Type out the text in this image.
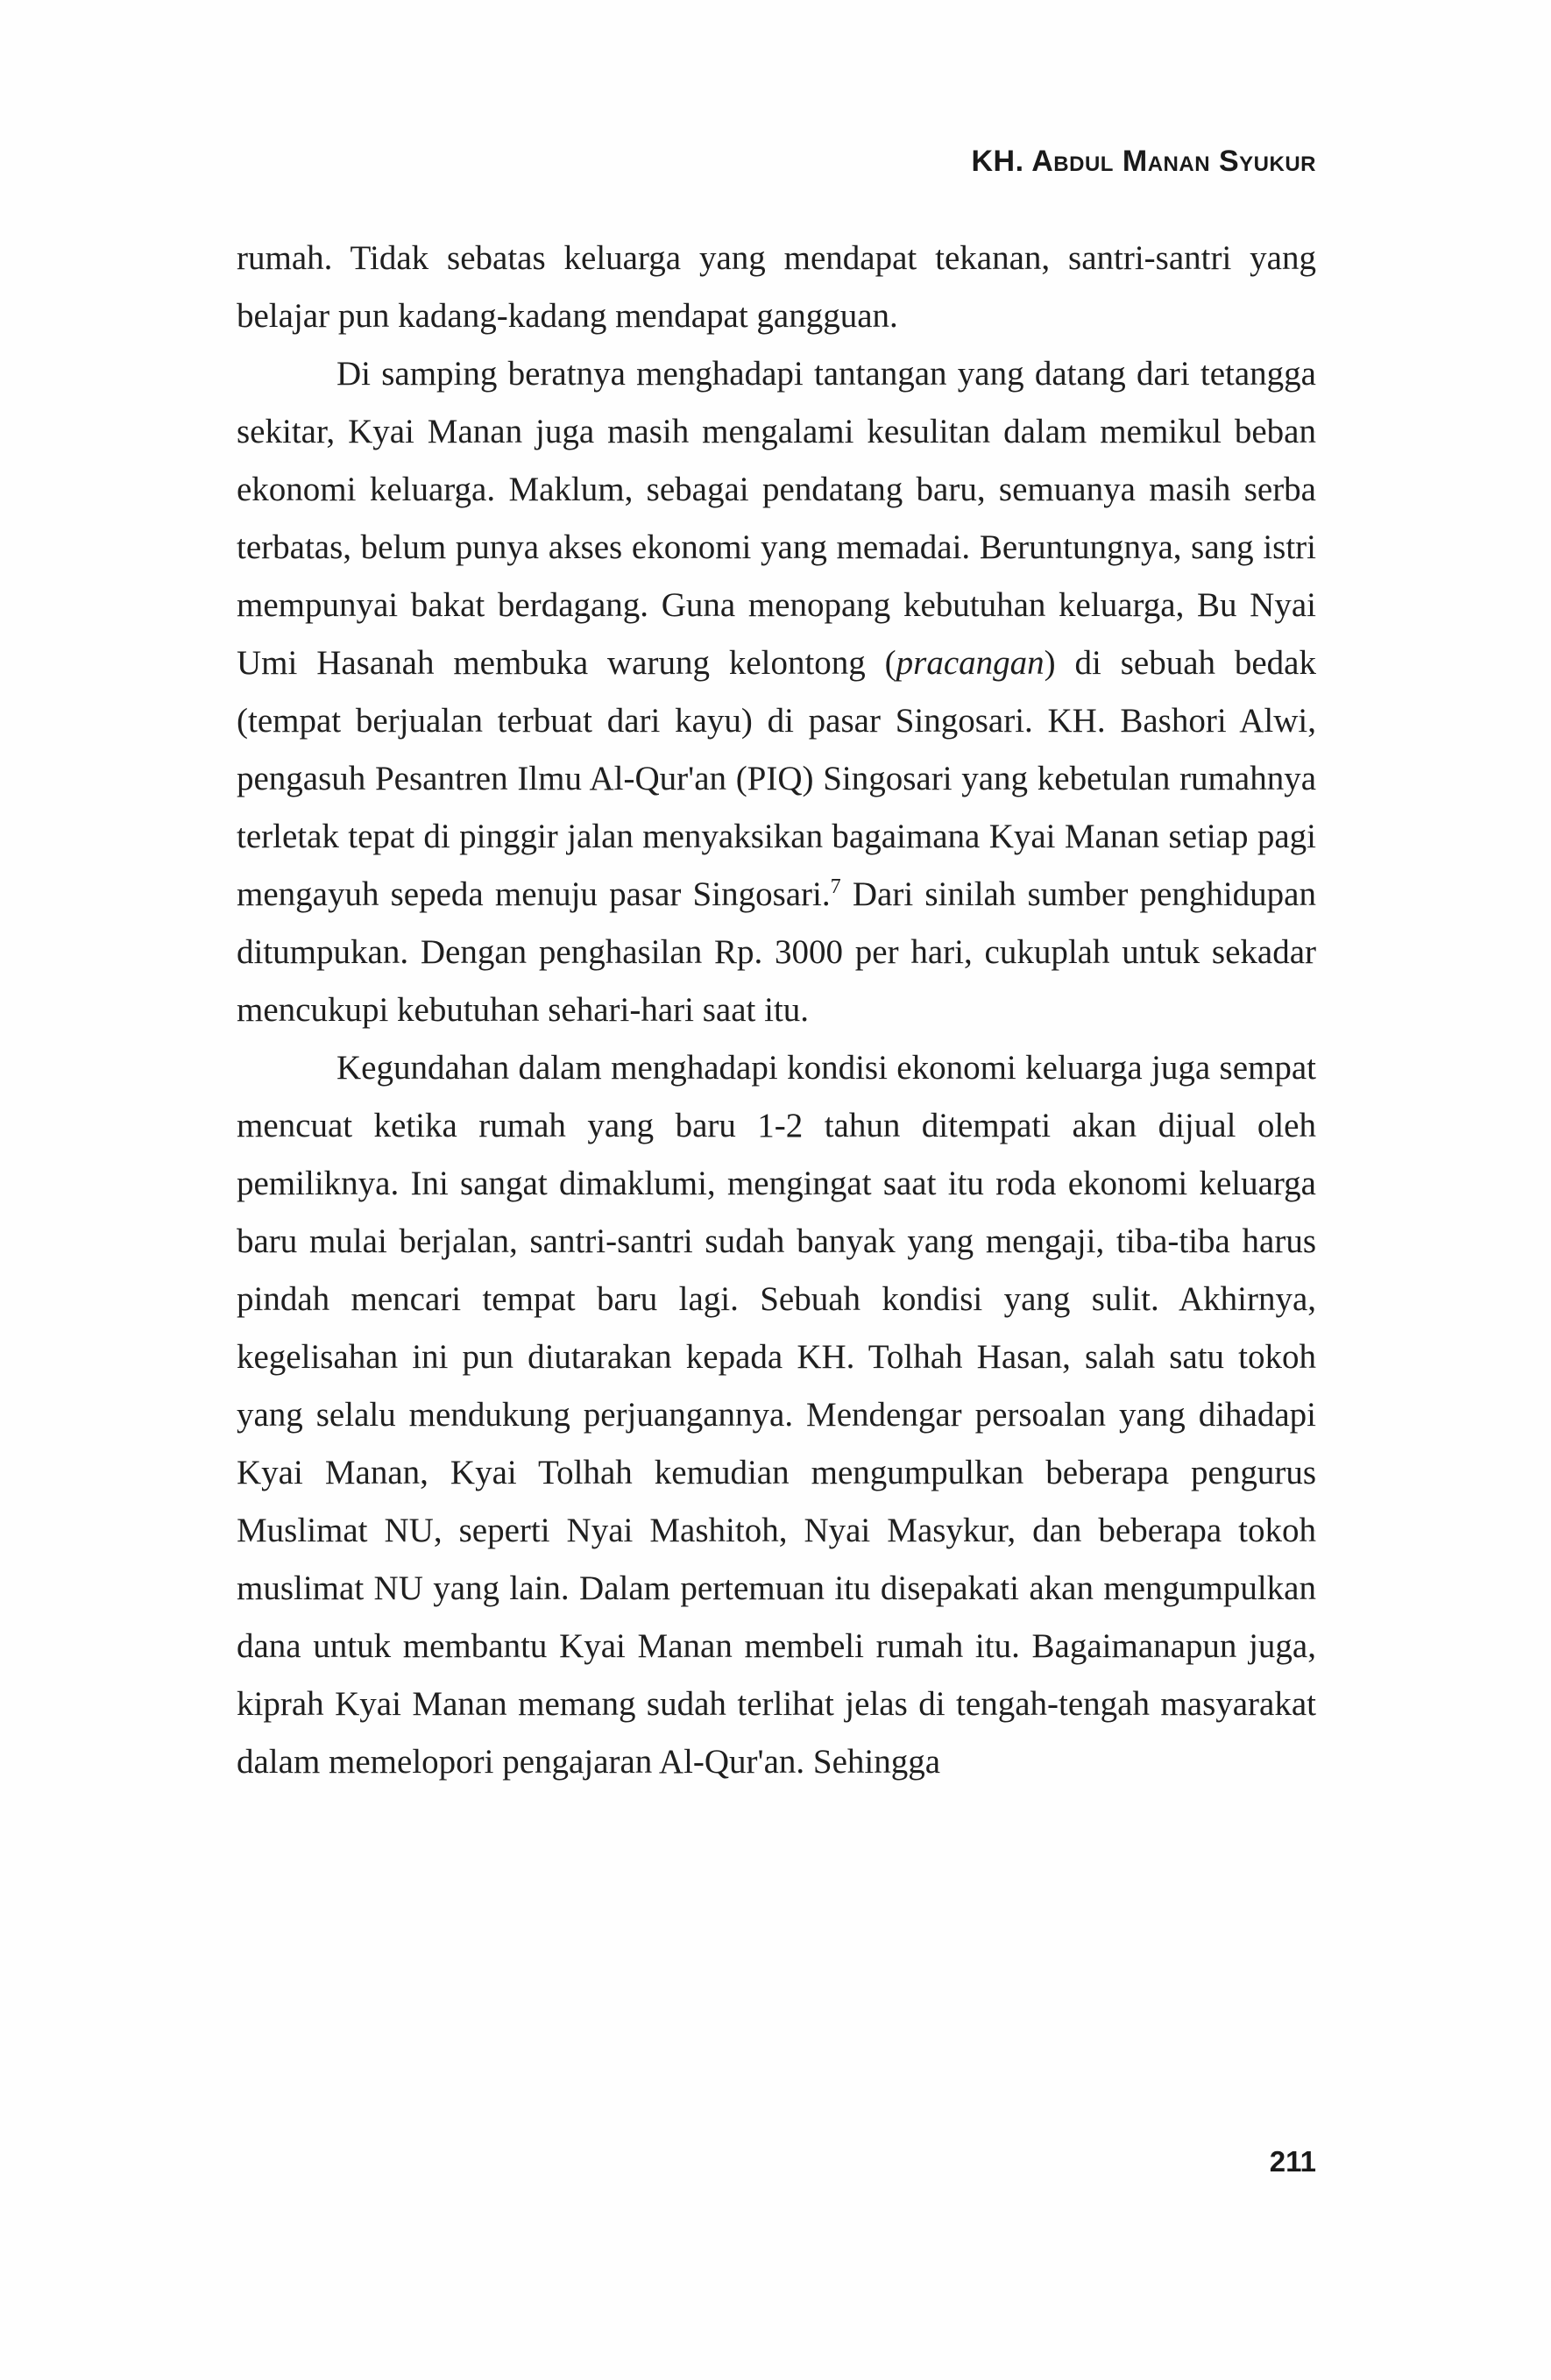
KH. Abdul Manan Syukur

rumah. Tidak sebatas keluarga yang mendapat tekanan, santri-santri yang belajar pun kadang-kadang mendapat gangguan.

Di samping beratnya menghadapi tantangan yang datang dari tetangga sekitar, Kyai Manan juga masih mengalami kesulitan dalam memikul beban ekonomi keluarga. Maklum, sebagai pendatang baru, semuanya masih serba terbatas, belum punya akses ekonomi yang memadai. Beruntungnya, sang istri mempunyai bakat berdagang. Guna menopang kebutuhan keluarga, Bu Nyai Umi Hasanah membuka warung kelontong (pracangan) di sebuah bedak (tempat berjualan terbuat dari kayu) di pasar Singosari. KH. Bashori Alwi, pengasuh Pesantren Ilmu Al-Qur'an (PIQ) Singosari yang kebetulan rumahnya terletak tepat di pinggir jalan menyaksikan bagaimana Kyai Manan setiap pagi mengayuh sepeda menuju pasar Singosari.$^7$ Dari sinilah sumber penghidupan ditumpukan. Dengan penghasilan Rp. 3000 per hari, cukuplah untuk sekadar mencukupi kebutuhan sehari-hari saat itu.

Kegundahan dalam menghadapi kondisi ekonomi keluarga juga sempat mencuat ketika rumah yang baru 1-2 tahun ditempati akan dijual oleh pemiliknya. Ini sangat dimaklumi, mengingat saat itu roda ekonomi keluarga baru mulai berjalan, santri-santri sudah banyak yang mengaji, tiba-tiba harus pindah mencari tempat baru lagi. Sebuah kondisi yang sulit. Akhirnya, kegelisahan ini pun diutarakan kepada KH. Tolhah Hasan, salah satu tokoh yang selalu mendukung perjuangannya. Mendengar persoalan yang dihadapi Kyai Manan, Kyai Tolhah kemudian mengumpulkan beberapa pengurus Muslimat NU, seperti Nyai Mashitoh, Nyai Masykur, dan beberapa tokoh muslimat NU yang lain. Dalam pertemuan itu disepakati akan mengumpulkan dana untuk membantu Kyai Manan membeli rumah itu. Bagaimanapun juga, kiprah Kyai Manan memang sudah terlihat jelas di tengah-tengah masyarakat dalam memelopori pengajaran Al-Qur'an. Sehingga

211
